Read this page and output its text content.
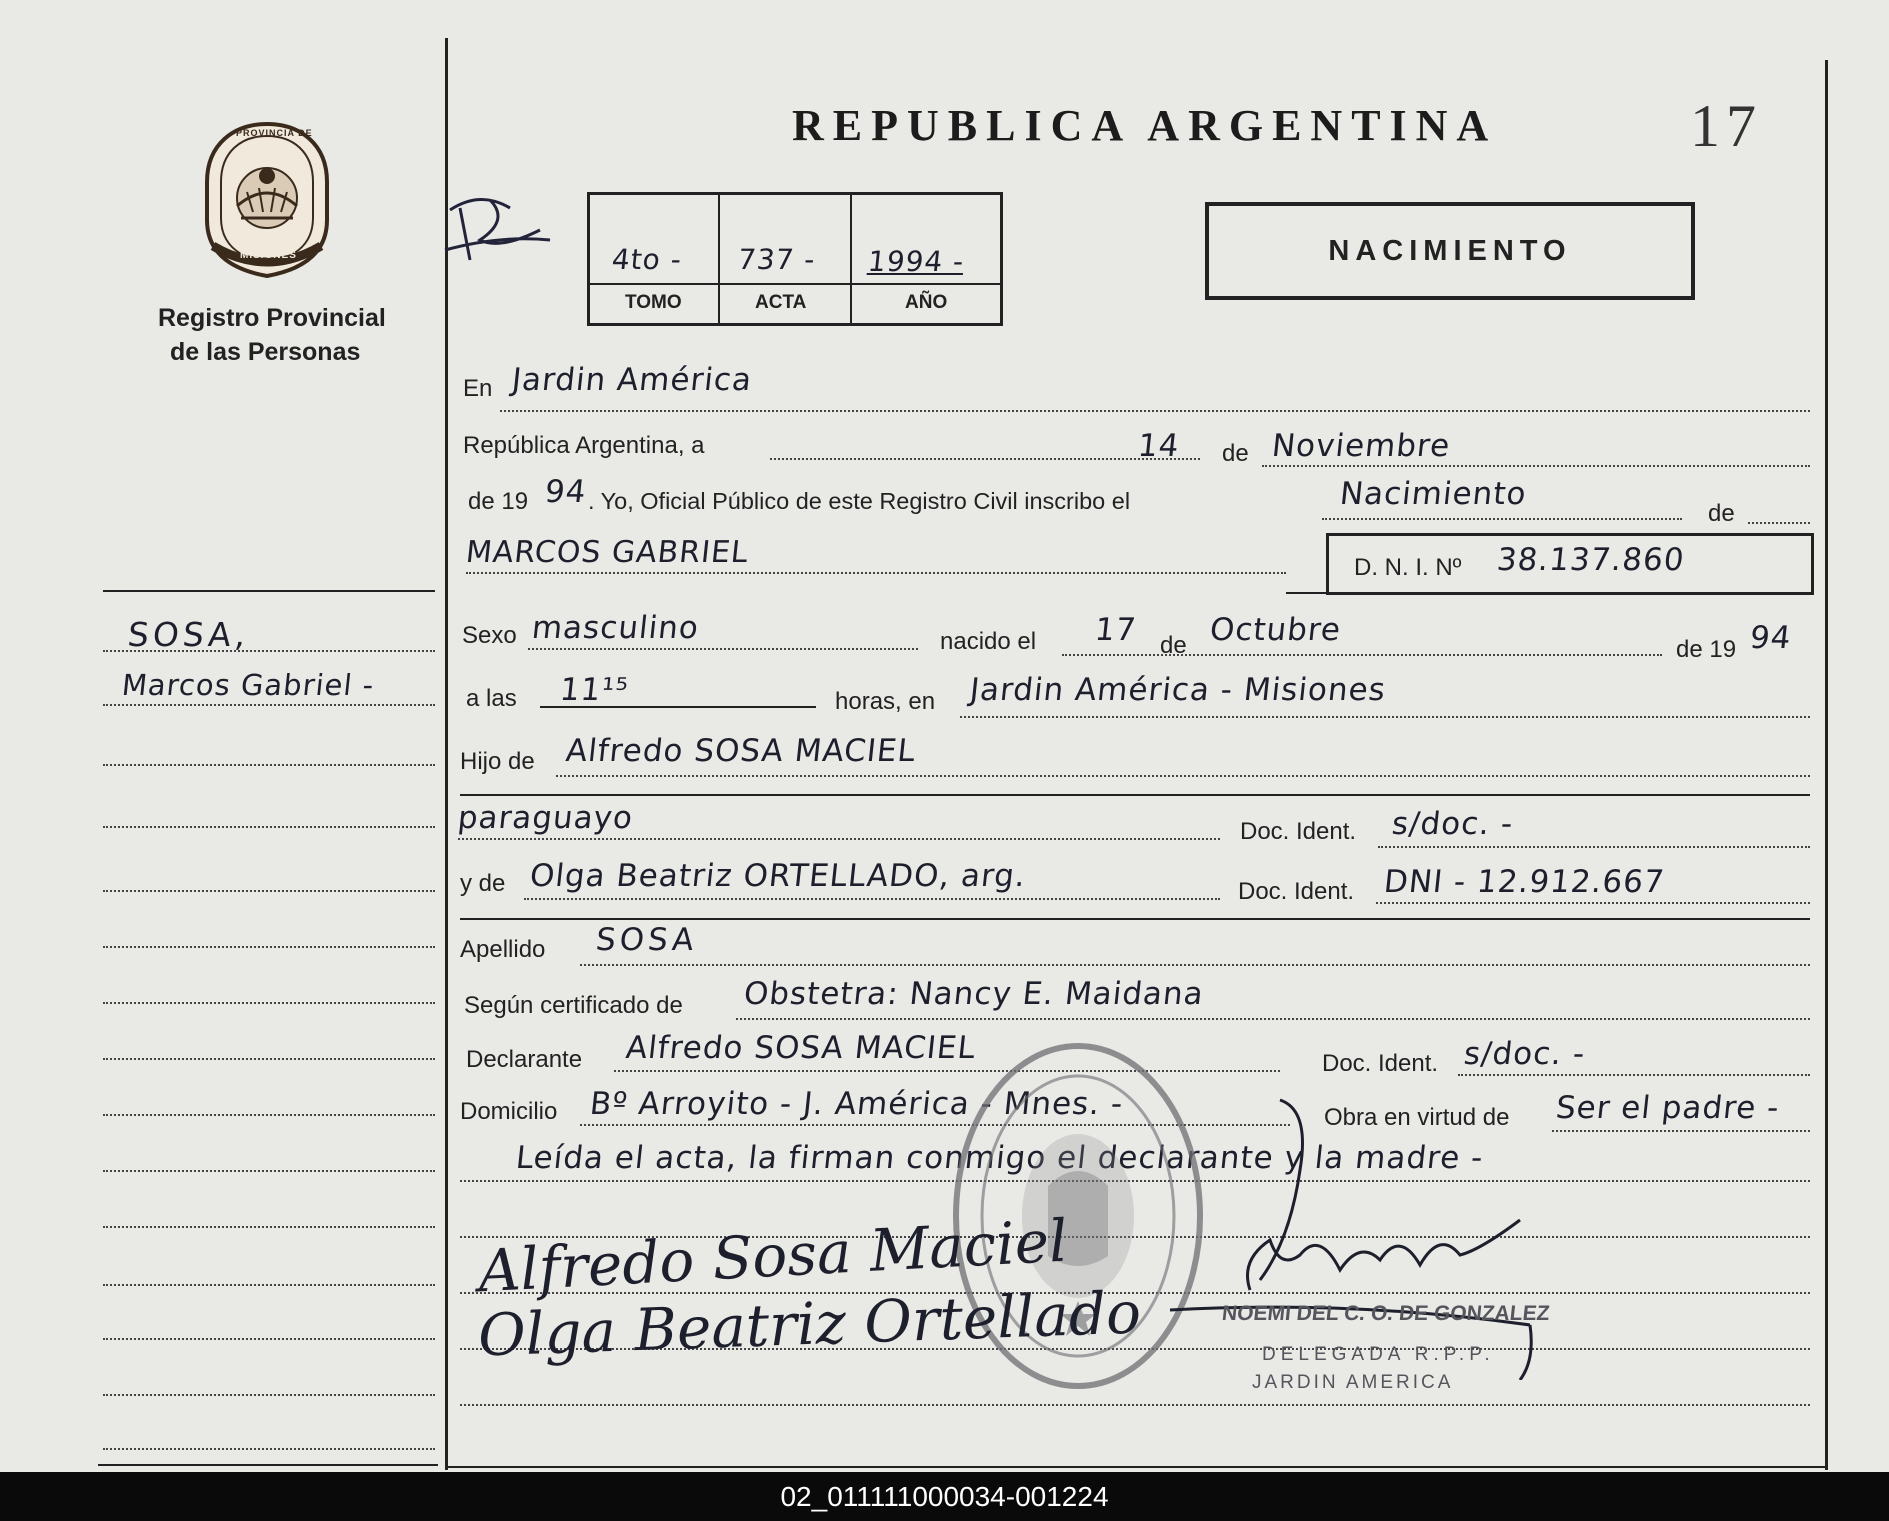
REPUBLICA ARGENTINA	17
PROVINCIA DE
MISIONES
Registro Provincial
de las Personas
4to - 737 - 1994 -
TOMO	ACTA	AÑO
NACIMIENTO
SOSA,
Marcos Gabriel -
En Jardin América
República Argentina, a	14 de Noviembre
de 19 94 . Yo, Oficial Público de este Registro Civil inscribo el	Nacimiento
de
MARCOS GABRIEL	D. N. I. Nº 38.137.860
Sexo masculino	nacido el 17 de Octubre
de 19 94
a las 11¹⁵	horas, en Jardin América - Misiones
Hijo de Alfredo SOSA MACIEL
paraguayo	Doc. Ident. s/doc. -
y de Olga Beatriz ORTELLADO, arg.	Doc. Ident. DNI - 12.912.667
Apellido SOSA
Según certificado de Obstetra: Nancy E. Maidana
Declarante Alfredo SOSA MACIEL	Doc. Ident. s/doc. -
Domicilio Bº Arroyito - J. América - Mnes. -	Obra en virtud de Ser el padre -
Leída el acta, la firman conmigo el declarante y la madre -
Alfredo Sosa Maciel
Olga Beatriz Ortellado	NOEMI DEL C. O. DE GONZALEZ
DELEGADA R.P.P.
JARDIN AMERICA
02_011111000034-001224
